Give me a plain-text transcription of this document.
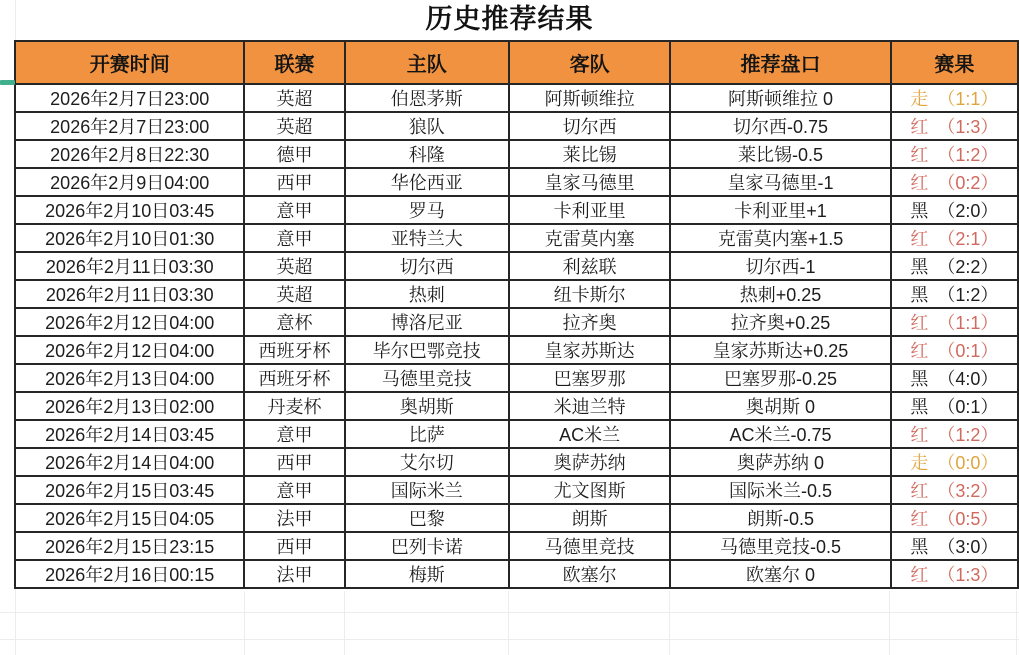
历史推荐结果
开赛时间	联赛	主队	客队	推荐盘口	赛果
2026年2月7日23:00	英超	伯恩茅斯	阿斯顿维拉	阿斯顿维拉 0	走 （1:1）
2026年2月7日23:00	英超	狼队	切尔西	切尔西-0.75	红 （1:3）
2026年2月8日22:30	德甲	科隆	莱比锡	莱比锡-0.5	红 （1:2）
2026年2月9日04:00	西甲	华伦西亚	皇家马德里	皇家马德里-1	红 （0:2）
2026年2月10日03:45	意甲	罗马	卡利亚里	卡利亚里+1	黑 （2:0）
2026年2月10日01:30	意甲	亚特兰大	克雷莫内塞	克雷莫内塞+1.5	红 （2:1）
2026年2月11日03:30	英超	切尔西	利兹联	切尔西-1	黑 （2:2）
2026年2月11日03:30	英超	热刺	纽卡斯尔	热刺+0.25	黑 （1:2）
2026年2月12日04:00	意杯	博洛尼亚	拉齐奥	拉齐奥+0.25	红 （1:1）
2026年2月12日04:00	西班牙杯	毕尔巴鄂竞技	皇家苏斯达	皇家苏斯达+0.25	红 （0:1）
2026年2月13日04:00	西班牙杯	马德里竞技	巴塞罗那	巴塞罗那-0.25	黑 （4:0）
2026年2月13日02:00	丹麦杯	奥胡斯	米迪兰特	奥胡斯 0	黑 （0:1）
2026年2月14日03:45	意甲	比萨	AC米兰	AC米兰-0.75	红 （1:2）
2026年2月14日04:00	西甲	艾尔切	奥萨苏纳	奥萨苏纳 0	走 （0:0）
2026年2月15日03:45	意甲	国际米兰	尤文图斯	国际米兰-0.5	红 （3:2）
2026年2月15日04:05	法甲	巴黎	朗斯	朗斯-0.5	红 （0:5）
2026年2月15日23:15	西甲	巴列卡诺	马德里竞技	马德里竞技-0.5	黑 （3:0）
2026年2月16日00:15	法甲	梅斯	欧塞尔	欧塞尔 0	红 （1:3）
